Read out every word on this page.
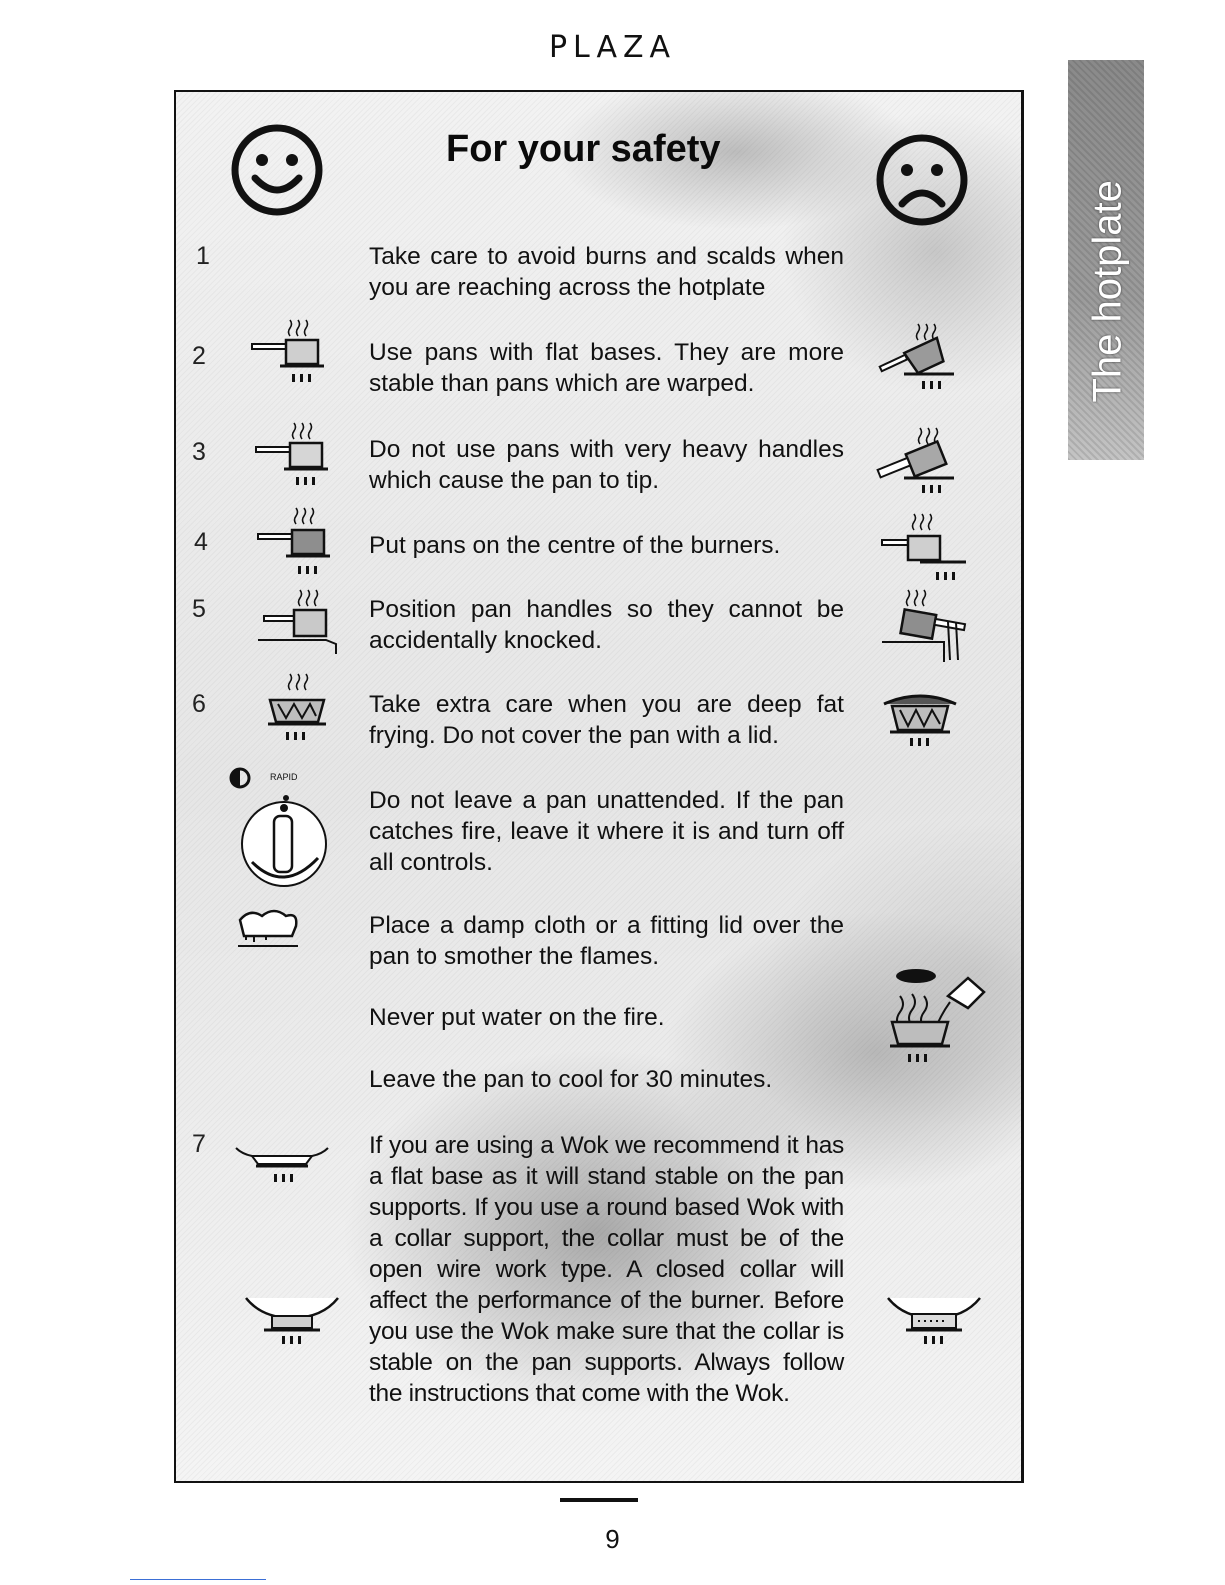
PLAZA
The hotplate
For your safety
1	Take care to avoid burns and scalds when you are reaching across the hotplate
2	Use pans with flat bases. They are more stable than pans which are warped.
3	Do not use pans with very heavy handles which cause the pan to tip.
4	Put pans on the centre of the burners.
5	Position pan handles so they cannot be accidentally knocked.
6	Take extra care when you are deep fat frying. Do not cover the pan with a lid.
RAPID
Do not leave a pan unattended. If the pan catches fire, leave it where it is and turn off all controls.
Place a damp cloth or a fitting lid over the pan to smother the flames.
Never put water on the fire.
Leave the pan to cool for 30 minutes.
7	If you are using a Wok we recommend it has a flat base as it will stand stable on the pan supports. If you use a round based Wok with a collar support, the collar must be of the open wire work type. A closed collar will affect the performance of the burner. Before you use the Wok make sure that the collar is stable on the pan supports. Always follow the instructions that come with the Wok.
9
